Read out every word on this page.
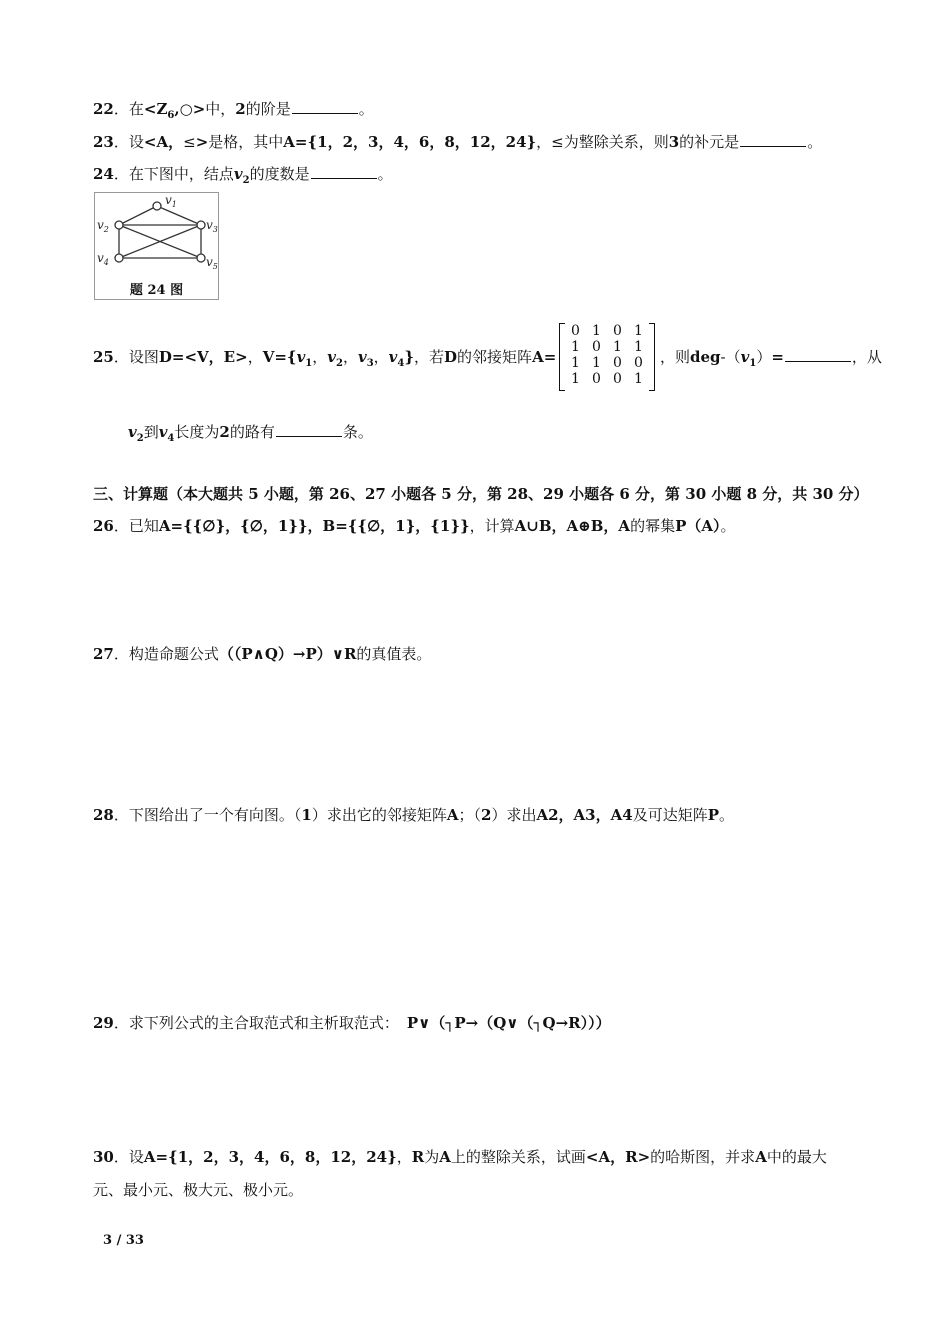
22．在$<Z_6,○>$中，2的阶是	。
23．设<A，≤>是格，其中A={1，2，3，4，6，8，12，24}，≤为整除关系，则3的补元是	。
24．在下图中，结点$v_2$的度数是	。
$v_1$
$v_2$	$v_3$
$v_4$	$v_5$
题 24 图
25．设图D=<V，E>，$V=\{v_1$，$v_2$，$v_3$，$v_4$}，若D的邻接矩阵A=
0	1	0	1
1	0	1	1
1	1	0	0
1	0	0	1
，则deg-$(v_1)=$	，从
$v_2$到$v_4$长度为2的路有	条。
三、计算题（本大题共 5 小题，第 26、27 小题各 5 分，第 28、29 小题各 6 分，第 30 小题 8 分，共 30 分）
26．已知A={{∅}，{∅，1}}，B={{∅，1}，{1}}，计算A∪B，A⊕B，A的幂集P（A）。
27．构造命题公式（（P∧Q）→P）∨R的真值表。
28．下图给出了一个有向图。（1）求出它的邻接矩阵A；（2）求出A2，A3，A4及可达矩阵P。
29．求下列公式的主合取范式和主析取范式： P∨（┐P→（Q∨（┐Q→R）））
30．设A={1，2，3，4，6，8，12，24}，R为A上的整除关系，试画<A，R>的哈斯图，并求A中的最大
元、最小元、极大元、极小元。
3 / 33
